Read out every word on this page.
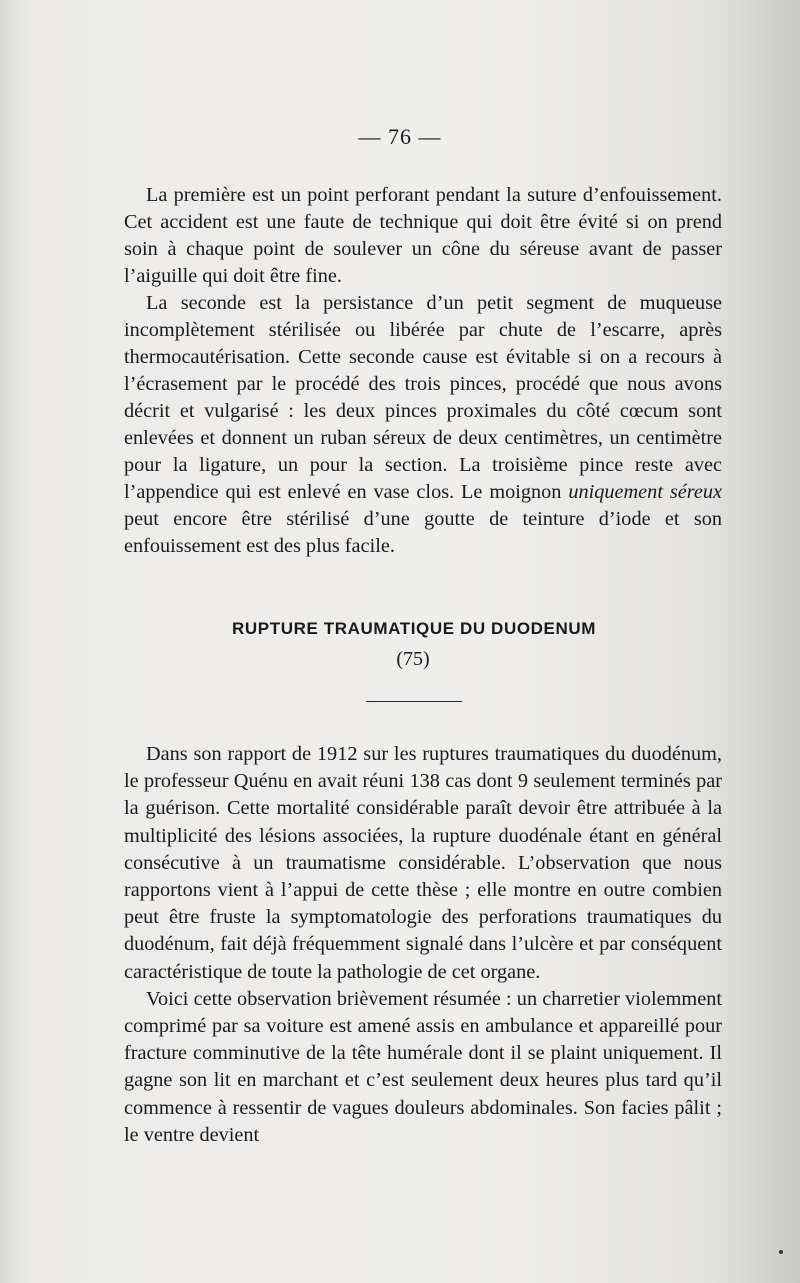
— 76 —

La première est un point perforant pendant la suture d’enfouissement. Cet accident est une faute de technique qui doit être évité si on prend soin à chaque point de soulever un cône du séreuse avant de passer l’aiguille qui doit être fine.

La seconde est la persistance d’un petit segment de muqueuse incomplètement stérilisée ou libérée par chute de l’escarre, après thermocautérisation. Cette seconde cause est évitable si on a recours à l’écrasement par le procédé des trois pinces, procédé que nous avons décrit et vulgarisé : les deux pinces proximales du côté cœcum sont enlevées et donnent un ruban séreux de deux centimètres, un centimètre pour la ligature, un pour la section. La troisième pince reste avec l’appendice qui est enlevé en vase clos. Le moignon uniquement séreux peut encore être stérilisé d’une goutte de teinture d’iode et son enfouissement est des plus facile.

RUPTURE TRAUMATIQUE DU DUODENUM
(75)

Dans son rapport de 1912 sur les ruptures traumatiques du duodénum, le professeur Quénu en avait réuni 138 cas dont 9 seulement terminés par la guérison. Cette mortalité considérable paraît devoir être attribuée à la multiplicité des lésions associées, la rupture duodénale étant en général consécutive à un traumatisme considérable. L’observation que nous rapportons vient à l’appui de cette thèse ; elle montre en outre combien peut être fruste la symptomatologie des perforations traumatiques du duodénum, fait déjà fréquemment signalé dans l’ulcère et par conséquent caractéristique de toute la pathologie de cet organe.

Voici cette observation brièvement résumée : un charretier violemment comprimé par sa voiture est amené assis en ambulance et appareillé pour fracture comminutive de la tête humérale dont il se plaint uniquement. Il gagne son lit en marchant et c’est seulement deux heures plus tard qu’il commence à ressentir de vagues douleurs abdominales. Son facies pâlit ; le ventre devient
